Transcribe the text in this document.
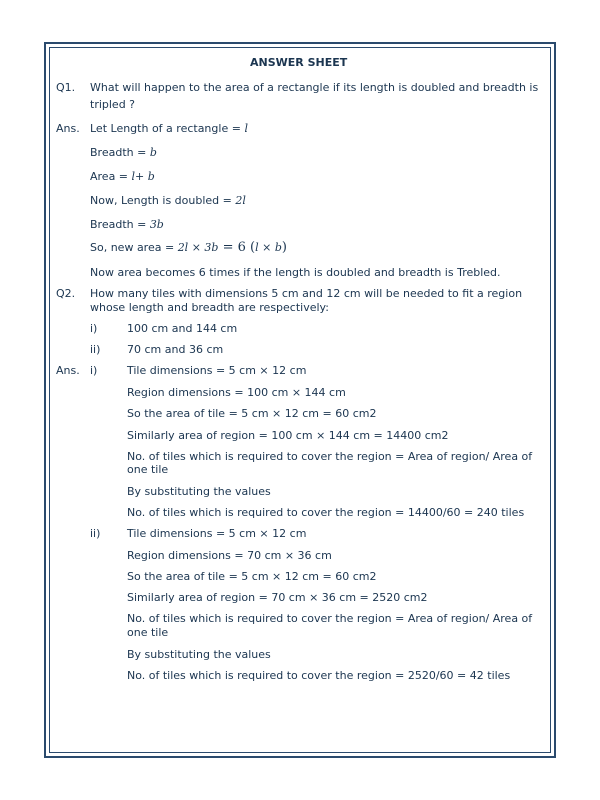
ANSWER SHEET
Q1. What will happen to the area of a rectangle if its length is doubled and breadth is
tripled ?
Ans. Let Length of a rectangle = l
Breadth = b
Area = l+ b
Now, Length is doubled = 2l
Breadth = 3b
So, new area = 2l × 3b = 6 (l × b)
Now area becomes 6 times if the length is doubled and breadth is Trebled.
Q2. How many tiles with dimensions 5 cm and 12 cm will be needed to fit a region
whose length and breadth are respectively:
i)	100 cm and 144 cm
ii) 70 cm and 36 cm
Ans. i)	Tile dimensions = 5 cm × 12 cm
Region dimensions = 100 cm × 144 cm
So the area of tile = 5 cm × 12 cm = 60 cm2
Similarly area of region = 100 cm × 144 cm = 14400 cm2
No. of tiles which is required to cover the region = Area of region/ Area of
one tile
By substituting the values
No. of tiles which is required to cover the region = 14400/60 = 240 tiles
ii) Tile dimensions = 5 cm × 12 cm
Region dimensions = 70 cm × 36 cm
So the area of tile = 5 cm × 12 cm = 60 cm2
Similarly area of region = 70 cm × 36 cm = 2520 cm2
No. of tiles which is required to cover the region = Area of region/ Area of
one tile
By substituting the values
No. of tiles which is required to cover the region = 2520/60 = 42 tiles
